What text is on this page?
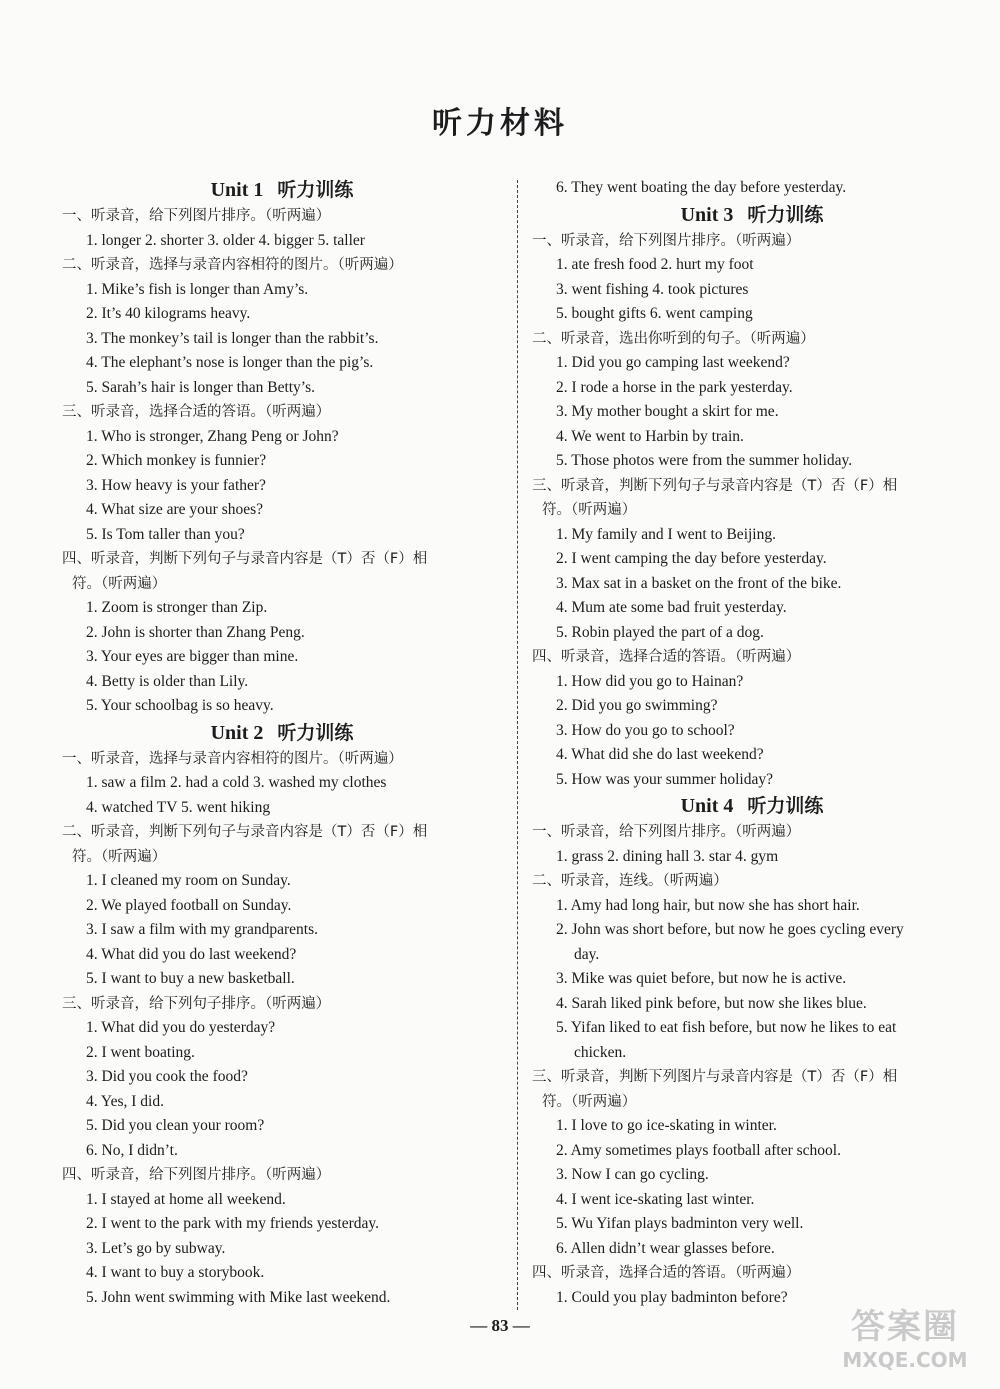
听力材料
Unit 1 听力训练
一、听录音，给下列图片排序。（听两遍）
1. longer 2. shorter 3. older 4. bigger 5. taller
二、听录音，选择与录音内容相符的图片。（听两遍）
1. Mike’s fish is longer than Amy’s.
2. It’s 40 kilograms heavy.
3. The monkey’s tail is longer than the rabbit’s.
4. The elephant’s nose is longer than the pig’s.
5. Sarah’s hair is longer than Betty’s.
三、听录音，选择合适的答语。（听两遍）
1. Who is stronger, Zhang Peng or John?
2. Which monkey is funnier?
3. How heavy is your father?
4. What size are your shoes?
5. Is Tom taller than you?
四、听录音，判断下列句子与录音内容是（T）否（F）相
符。（听两遍）
1. Zoom is stronger than Zip.
2. John is shorter than Zhang Peng.
3. Your eyes are bigger than mine.
4. Betty is older than Lily.
5. Your schoolbag is so heavy.
Unit 2 听力训练
一、听录音，选择与录音内容相符的图片。（听两遍）
1. saw a film 2. had a cold 3. washed my clothes
4. watched TV 5. went hiking
二、听录音，判断下列句子与录音内容是（T）否（F）相
符。（听两遍）
1. I cleaned my room on Sunday.
2. We played football on Sunday.
3. I saw a film with my grandparents.
4. What did you do last weekend?
5. I want to buy a new basketball.
三、听录音，给下列句子排序。（听两遍）
1. What did you do yesterday?
2. I went boating.
3. Did you cook the food?
4. Yes, I did.
5. Did you clean your room?
6. No, I didn’t.
四、听录音，给下列图片排序。（听两遍）
1. I stayed at home all weekend.
2. I went to the park with my friends yesterday.
3. Let’s go by subway.
4. I want to buy a storybook.
5. John went swimming with Mike last weekend.
6. They went boating the day before yesterday.
Unit 3 听力训练
一、听录音，给下列图片排序。（听两遍）
1. ate fresh food 2. hurt my foot
3. went fishing 4. took pictures
5. bought gifts 6. went camping
二、听录音，选出你听到的句子。（听两遍）
1. Did you go camping last weekend?
2. I rode a horse in the park yesterday.
3. My mother bought a skirt for me.
4. We went to Harbin by train.
5. Those photos were from the summer holiday.
三、听录音，判断下列句子与录音内容是（T）否（F）相
符。（听两遍）
1. My family and I went to Beijing.
2. I went camping the day before yesterday.
3. Max sat in a basket on the front of the bike.
4. Mum ate some bad fruit yesterday.
5. Robin played the part of a dog.
四、听录音，选择合适的答语。（听两遍）
1. How did you go to Hainan?
2. Did you go swimming?
3. How do you go to school?
4. What did she do last weekend?
5. How was your summer holiday?
Unit 4 听力训练
一、听录音，给下列图片排序。（听两遍）
1. grass 2. dining hall 3. star 4. gym
二、听录音，连线。（听两遍）
1. Amy had long hair, but now she has short hair.
2. John was short before, but now he goes cycling every
day.
3. Mike was quiet before, but now he is active.
4. Sarah liked pink before, but now she likes blue.
5. Yifan liked to eat fish before, but now he likes to eat
chicken.
三、听录音，判断下列图片与录音内容是（T）否（F）相
符。（听两遍）
1. I love to go ice-skating in winter.
2. Amy sometimes plays football after school.
3. Now I can go cycling.
4. I went ice-skating last winter.
5. Wu Yifan plays badminton very well.
6. Allen didn’t wear glasses before.
四、听录音，选择合适的答语。（听两遍）
1. Could you play badminton before?
— 83 —	答案圈
MXQE.COM
